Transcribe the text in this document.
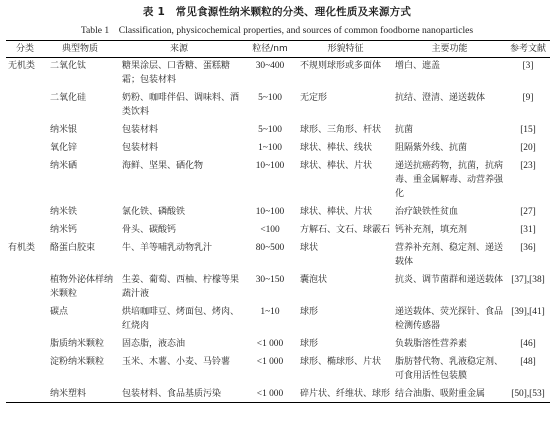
表 1　常见食源性纳米颗粒的分类、理化性质及来源方式
Table 1　Classification, physicochemical properties, and sources of common foodborne nanoparticles
分类	典型物质	来源	粒径/nm	形貌特征	主要功能	参考文献
无机类	二氧化钛	糖果涂层、口香糖、蛋糕糖霜；包装材料	30~400	不规则球形或多面体	增白、遮盖	[3]
	二氧化硅	奶粉、咖啡伴侣、调味料、酒类饮料	5~100	无定形	抗结、澄清、递送载体	[9]
	纳米银	包装材料	5~100	球形、三角形、杆状	抗菌	[15]
	氧化锌	包装材料	1~100	球状、棒状、线状	阻隔紫外线、抗菌	[20]
	纳米硒	海鲜、坚果、硒化物	10~100	球状、棒状、片状	递送抗癌药物，抗菌，抗病毒、重金属解毒、动营养强化	[23]
	纳米铁	氯化铁、磷酸铁	10~100	球状、棒状、片状	治疗缺铁性贫血	[27]
	纳米钙	骨头、碳酸钙	<100	方解石、文石、球霰石	钙补充剂，填充剂	[31]
有机类	酪蛋白胶束	牛、羊等哺乳动物乳汁	80~500	球状	营养补充剂、稳定剂、递送载体	[36]
	植物外泌体样纳米颗粒	生姜、葡萄、西柚、柠檬等果蔬汁液	30~150	囊泡状	抗炎、调节菌群和递送载体	[37],[38]
	碳点	烘培咖啡豆、烤面包、烤肉、红烧肉	1~10	球形	递送载体、荧光探针、食品检测传感器	[39],[41]
	脂质纳米颗粒	固态脂，液态油	<1 000	球形	负载脂溶性营养素	[46]
	淀粉纳米颗粒	玉米、木薯、小麦、马铃薯	<1 000	球形、椭球形、片状	脂肪替代物、乳液稳定剂、可食用活性包装膜	[48]
	纳米塑料	包装材料、食品基质污染	<1 000	碎片状、纤维状、球形	结合油脂、吸附重金属	[50],[53]
